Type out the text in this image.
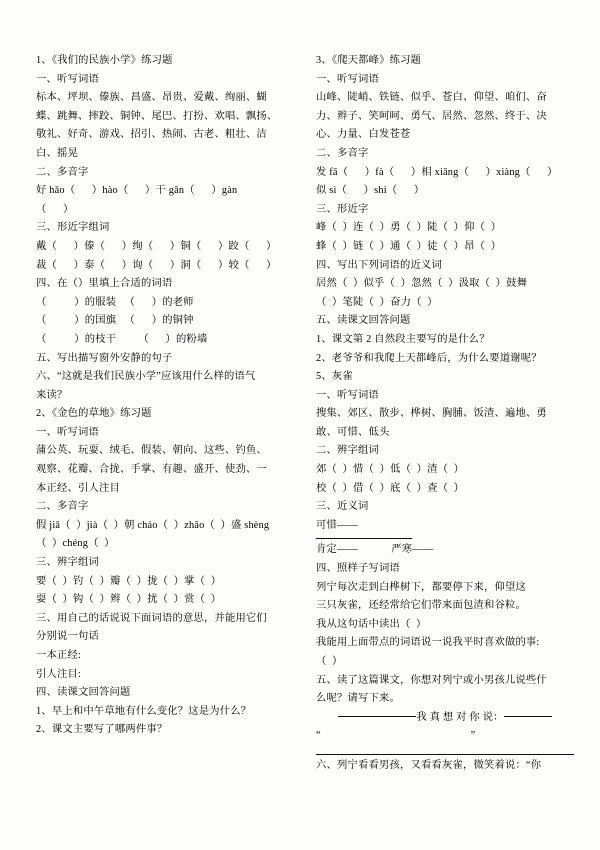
1、《我们的民族小学》练习题

一、听写词语

标本、坪坝、傣族、昌盛、昂贵、爱戴、绚丽、蝴

蝶、跳舞、摔跤、铜钟、尾巴、打扮、欢唱、飘扬、

敬礼、好奇、游戏、招引、热闹、古老、粗壮、洁

白、摇晃

二、多音字

好 hǎo（      ）hào（      ）干 gān（      ）gàn

（      ）

三、形近字组词

戴（      ）傣（      ）绚（      ）铜（      ）跤（      ）

裁（      ）泰（      ）询（      ）洞（      ）较（      ）

四、在（）里填上合适的词语

（          ）的服装   （      ）的老师

（          ）的国旗   （      ）的铜钟

（          ）的枝干        （      ）的粉墙

五、写出描写窗外安静的句子

六、“这就是我们民族小学”应该用什么样的语气

来读？

2、《金色的草地》练习题

一、听写词语

蒲公英、玩耍、绒毛、假装、朝向、这些、钓鱼、

观察、花瓣、合拢、手掌、有趣、盛开、使劲、一

本正经、引人注目

二、多音字

假 jiǎ（  ）jià（  ）朝 cháo（  ）zhāo（  ）盛 shèng

（  ）chéng（  ）

三、辨字组词

要（  ）钓（  ）瓣（  ）拢（  ）掌（  ）

耍（  ）钩（  ）辫（  ）扰（  ）赏（  ）

三、用自己的话说说下面词语的意思，并能用它们

分别说一句话

一本正经:

引人注目:

四、读课文回答问题

1、早上和中午草地有什么变化？这是为什么？

2、课文主要写了哪两件事？

3、《爬天都峰》练习题

一、听写词语

山峰、陡峭、铁链、似乎、苍白、仰望、咱们、奋

力、辫子、笑呵呵、勇气、居然、忽然、终于、决

心、力量、白发苍苍

二、多音字

发 fā（      ）fà（      ）相 xiāng（      ）xiàng（      ）

似 sì（      ）shì（      ）

三、形近字

峰（  ）连（  ）勇（  ）陡（  ）仰（  ）

蜂（  ）链（  ）通（  ）徒（  ）昂（  ）

四、写出下列词语的近义词

居然（  ）似乎（  ）忽然（  ）汲取（  ）鼓舞

（  ）笔陡（  ）奋力（  ）

五、读课文回答问题

1、课文第 2 自然段主要写的是什么？

2、老爷爷和我爬上天都峰后，为什么要道谢呢？

5、灰雀

一、听写词语

搜集、郊区、散步、桦树、胸脯、饭渣、遍地、勇

敢、可惜、低头

二、辨字组词

郊（  ）惜（  ）低（  ）渣（  ）

校（  ）借（  ）底（  ）查（  ）

三、近义词

可惜——

肯定——            严寒——

四、照样子写词语

列宁每次走到白桦树下，都要停下来，仰望这

三只灰雀，还经常给它们带来面包渣和谷粒。

我从这句话中读出（  ）

我能用上面带点的词语说一说我平时喜欢做的事:

（  ）

五、读了这篇课文，你想对列宁或小男孩儿说些什

么呢？请写下来。

我 真 想 对 你 说：

“                                                      ”

六、列宁看看男孩，又看看灰雀，微笑着说：“你
